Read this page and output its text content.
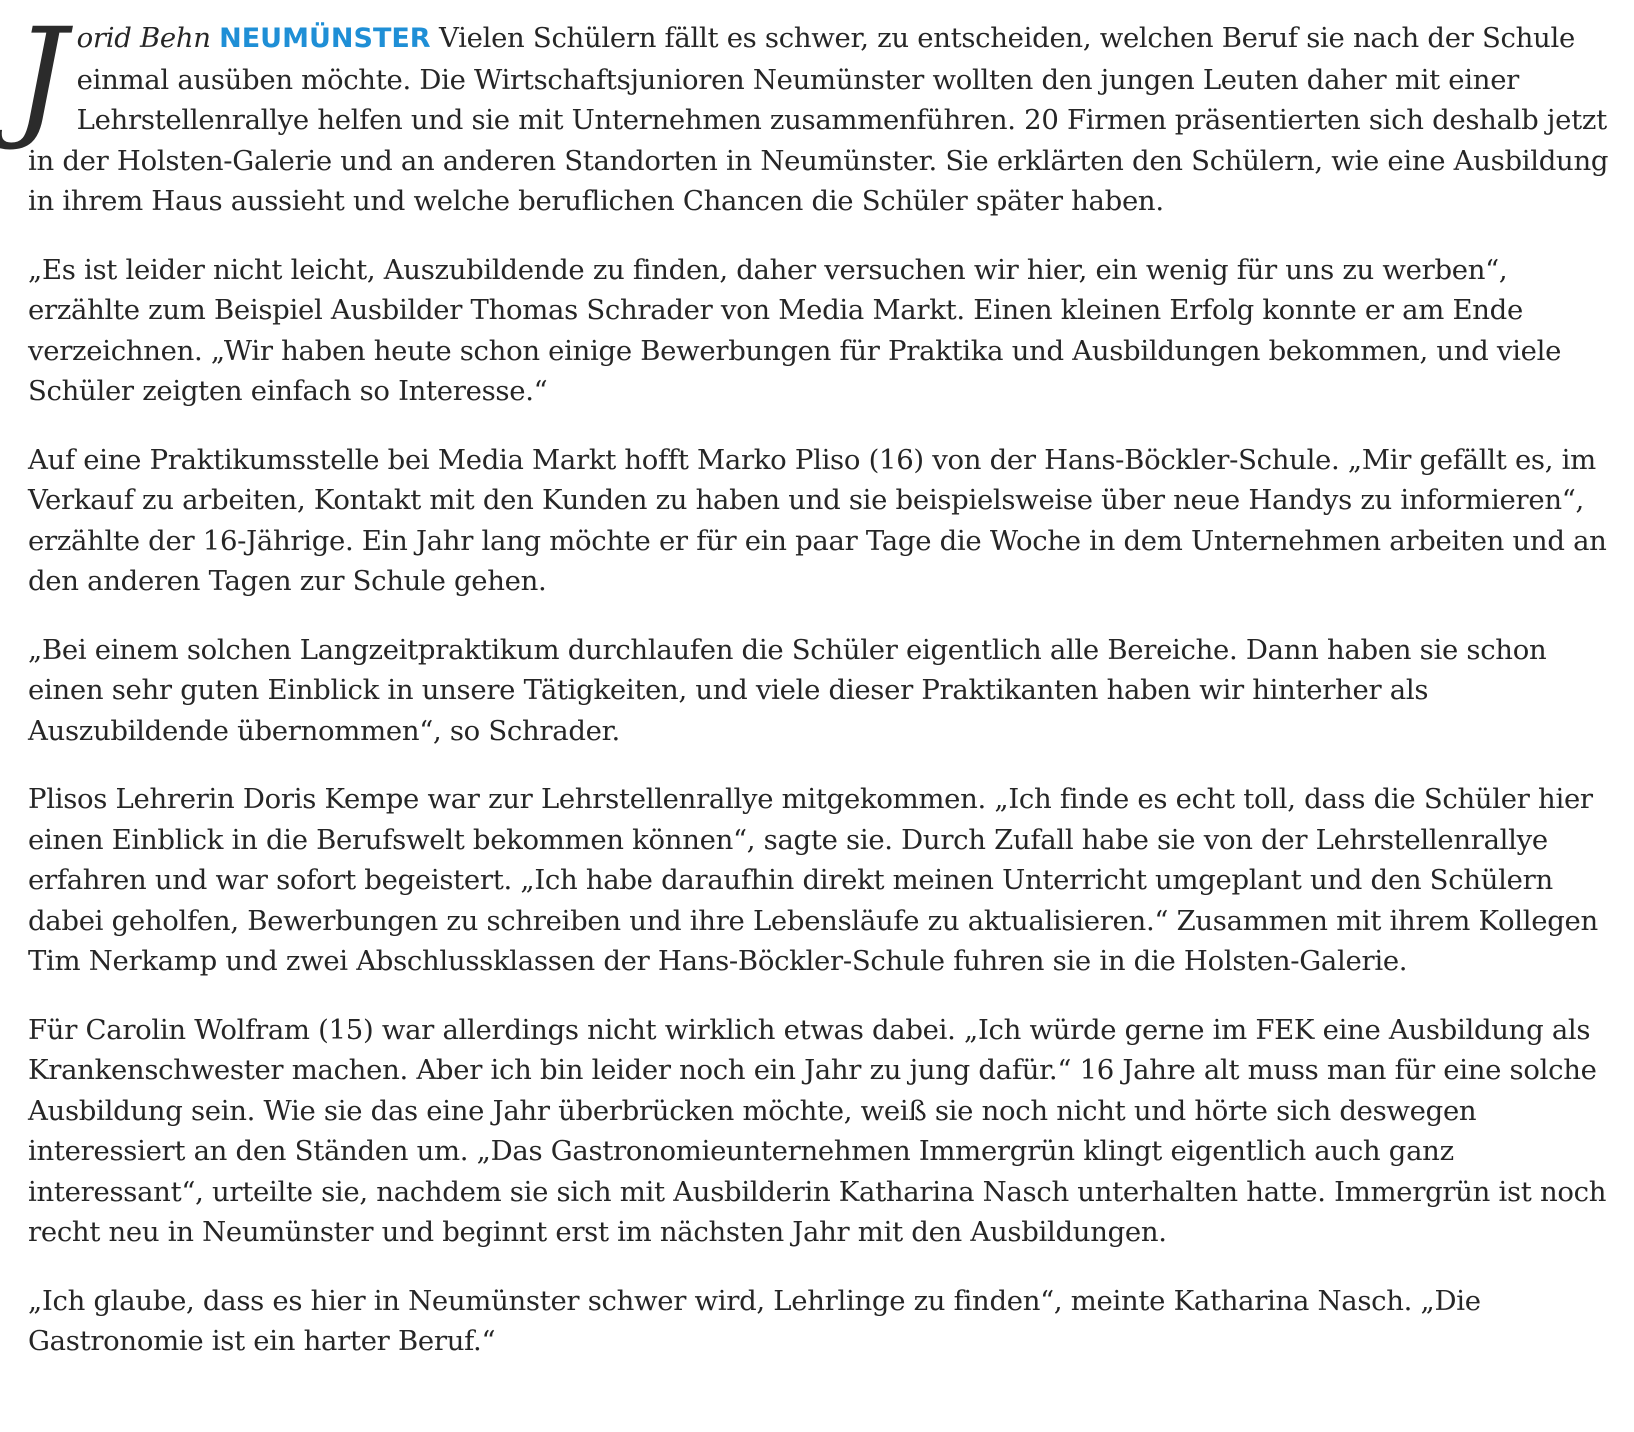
Jorid Behn NEUMÜNSTER Vielen Schülern fällt es schwer, zu entscheiden, welchen Beruf sie nach der Schule einmal ausüben möchte. Die Wirtschaftsjunioren Neumünster wollten den jungen Leuten daher mit einer Lehrstellenrallye helfen und sie mit Unternehmen zusammenführen. 20 Firmen präsentierten sich deshalb jetzt in der Holsten-Galerie und an anderen Standorten in Neumünster. Sie erklärten den Schülern, wie eine Ausbildung in ihrem Haus aussieht und welche beruflichen Chancen die Schüler später haben.

„Es ist leider nicht leicht, Auszubildende zu finden, daher versuchen wir hier, ein wenig für uns zu werben“, erzählte zum Beispiel Ausbilder Thomas Schrader von Media Markt. Einen kleinen Erfolg konnte er am Ende verzeichnen. „Wir haben heute schon einige Bewerbungen für Praktika und Ausbildungen bekommen, und viele Schüler zeigten einfach so Interesse.“

Auf eine Praktikumsstelle bei Media Markt hofft Marko Pliso (16) von der Hans-Böckler-Schule. „Mir gefällt es, im Verkauf zu arbeiten, Kontakt mit den Kunden zu haben und sie beispielsweise über neue Handys zu informieren“, erzählte der 16-Jährige. Ein Jahr lang möchte er für ein paar Tage die Woche in dem Unternehmen arbeiten und an den anderen Tagen zur Schule gehen.

„Bei einem solchen Langzeitpraktikum durchlaufen die Schüler eigentlich alle Bereiche. Dann haben sie schon einen sehr guten Einblick in unsere Tätigkeiten, und viele dieser Praktikanten haben wir hinterher als Auszubildende übernommen“, so Schrader.

Plisos Lehrerin Doris Kempe war zur Lehrstellenrallye mitgekommen. „Ich finde es echt toll, dass die Schüler hier einen Einblick in die Berufswelt bekommen können“, sagte sie. Durch Zufall habe sie von der Lehrstellenrallye erfahren und war sofort begeistert. „Ich habe daraufhin direkt meinen Unterricht umgeplant und den Schülern dabei geholfen, Bewerbungen zu schreiben und ihre Lebensläufe zu aktualisieren.“ Zusammen mit ihrem Kollegen Tim Nerkamp und zwei Abschlussklassen der Hans-Böckler-Schule fuhren sie in die Holsten-Galerie.

Für Carolin Wolfram (15) war allerdings nicht wirklich etwas dabei. „Ich würde gerne im FEK eine Ausbildung als Krankenschwester machen. Aber ich bin leider noch ein Jahr zu jung dafür.“ 16 Jahre alt muss man für eine solche Ausbildung sein. Wie sie das eine Jahr überbrücken möchte, weiß sie noch nicht und hörte sich deswegen interessiert an den Ständen um. „Das Gastronomieunternehmen Immergrün klingt eigentlich auch ganz interessant“, urteilte sie, nachdem sie sich mit Ausbilderin Katharina Nasch unterhalten hatte. Immergrün ist noch recht neu in Neumünster und beginnt erst im nächsten Jahr mit den Ausbildungen.

„Ich glaube, dass es hier in Neumünster schwer wird, Lehrlinge zu finden“, meinte Katharina Nasch. „Die Gastronomie ist ein harter Beruf.“
